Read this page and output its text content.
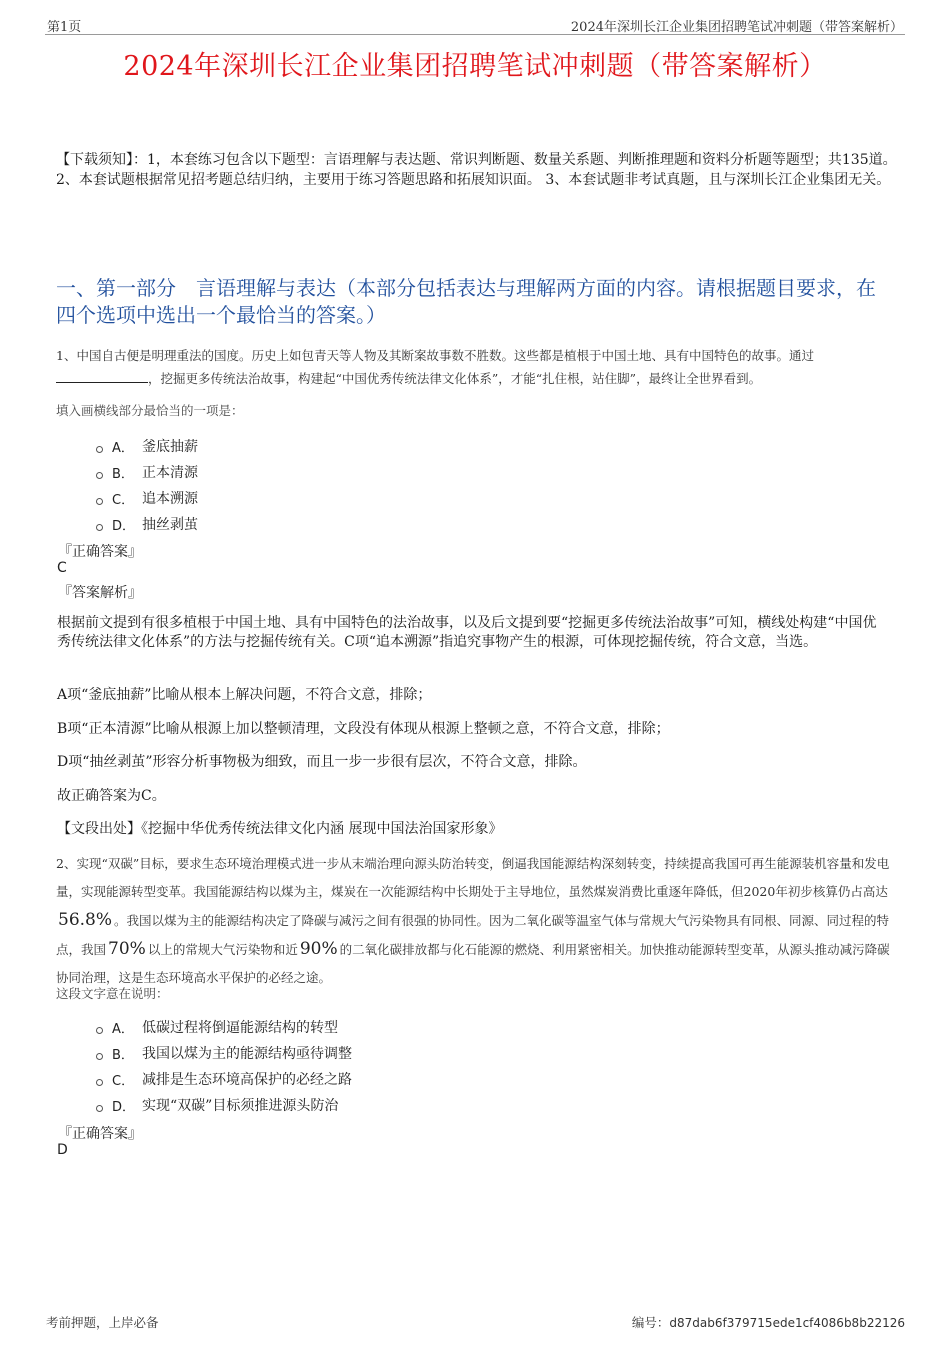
第1页	2024年深圳长江企业集团招聘笔试冲刺题（带答案解析）
2024年深圳长江企业集团招聘笔试冲刺题（带答案解析）
【下载须知】：1，本套练习包含以下题型：言语理解与表达题、常识判断题、数量关系题、判断推理题和资料分析题等题型；共135道。 2、本套试题根据常见招考题总结归纳，主要用于练习答题思路和拓展知识面。 3、本套试题非考试真题，且与深圳长江企业集团无关。
一、第一部分　言语理解与表达（本部分包括表达与理解两方面的内容。请根据题目要求，在四个选项中选出一个最恰当的答案。）
1、中国自古便是明理重法的国度。历史上如包青天等人物及其断案故事数不胜数。这些都是植根于中国土地、具有中国特色的故事。通过
，挖掘更多传统法治故事，构建起“中国优秀传统法律文化体系”，才能“扎住根，站住脚”，最终让全世界看到。
填入画横线部分最恰当的一项是：
A． 釜底抽薪
B． 正本清源
C． 追本溯源
D． 抽丝剥茧
『正确答案』
C
『答案解析』
根据前文提到有很多植根于中国土地、具有中国特色的法治故事，以及后文提到要“挖掘更多传统法治故事”可知，横线处构建“中国优秀传统法律文化体系”的方法与挖掘传统有关。C项“追本溯源”指追究事物产生的根源，可体现挖掘传统，符合文意，当选。
A项“釜底抽薪”比喻从根本上解决问题，不符合文意，排除；
B项“正本清源”比喻从根源上加以整顿清理，文段没有体现从根源上整顿之意，不符合文意，排除；
D项“抽丝剥茧”形容分析事物极为细致，而且一步一步很有层次，不符合文意，排除。
故正确答案为C。
【文段出处】《挖掘中华优秀传统法律文化内涵 展现中国法治国家形象》
2、实现“双碳”目标，要求生态环境治理模式进一步从末端治理向源头防治转变，倒逼我国能源结构深刻转变，持续提高我国可再生能源装机容量和发电量，实现能源转型变革。我国能源结构以煤为主，煤炭在一次能源结构中长期处于主导地位，虽然煤炭消费比重逐年降低，但2020年初步核算仍占高达56.8% 。我国以煤为主的能源结构决定了降碳与减污之间有很强的协同性。因为二氧化碳等温室气体与常规大气污染物具有同根、同源、同过程的特点，我国 70% 以上的常规大气污染物和近 90% 的二氧化碳排放都与化石能源的燃烧、利用紧密相关。加快推动能源转型变革，从源头推动减污降碳协同治理，这是生态环境高水平保护的必经之途。
这段文字意在说明：
A． 低碳过程将倒逼能源结构的转型
B． 我国以煤为主的能源结构亟待调整
C． 减排是生态环境高保护的必经之路
D． 实现“双碳”目标须推进源头防治
『正确答案』
D
考前押题，上岸必备	编号：d87dab6f379715ede1cf4086b8b22126
